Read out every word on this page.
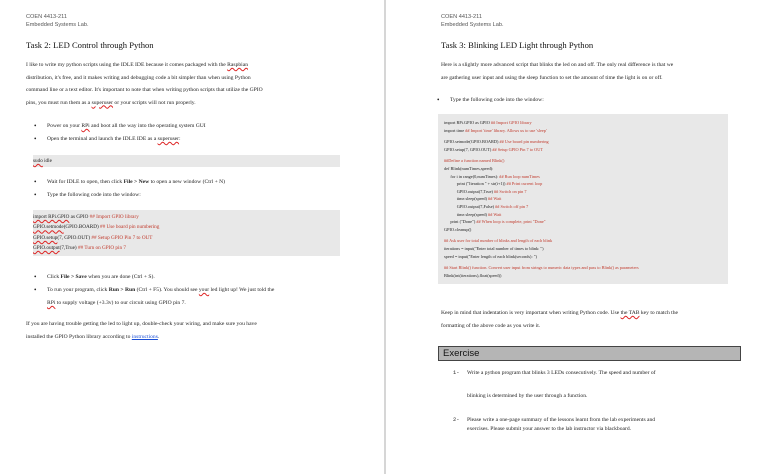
COEN 4413-211
Embedded Systems Lab.
Task 2: LED Control through Python
I like to write my python scripts using the IDLE IDE because it comes packaged with the Raspbian
distribution, it's free, and it makes writing and debugging code a bit simpler than when using Python
command line or a text editor. It's important to note that when writing python scripts that utilize the GPIO
pins, you must run them as a superuser or your scripts will not run properly.
• Power on your RPi and boot all the way into the operating system GUI
• Open the terminal and launch the IDLE IDE as a superuser:
sudo idle
• Wait for IDLE to open, then click File > New to open a new window (Ctrl + N)
• Type the following code into the window:
import RPi.GPIO as GPIO ## Import GPIO library
GPIO.setmode(GPIO.BOARD) ## Use board pin numbering
GPIO.setup(7, GPIO.OUT) ## Setup GPIO Pin 7 to OUT
GPIO.output(7,True) ## Turn on GPIO pin 7
• Click File > Save when you are done (Ctrl + S).
• To run your program, click Run > Run (Ctrl + F5). You should see your led light up! We just told the
RPi to supply voltage (+3.3v) to our circuit using GPIO pin 7.
If you are having trouble getting the led to light up, double-check your wiring, and make sure you have
installed the GPIO Python library according to instructions.
COEN 4413-211
Embedded Systems Lab.
Task 3: Blinking LED Light through Python
Here is a slightly more advanced script that blinks the led on and off. The only real difference is that we
are gathering user input and using the sleep function to set the amount of time the light is on or off.
• Type the following code into the window:
import RPi.GPIO as GPIO ## Import GPIO library
import time ## Import 'time' library. Allows us to use 'sleep'
GPIO.setmode(GPIO.BOARD) ## Use board pin numbering
GPIO.setup(7, GPIO.OUT) ## Setup GPIO Pin 7 to OUT
##Define a function named Blink()
def Blink(numTimes,speed):
for i in range(0,numTimes): ## Run loop numTimes
print ("Iteration " + str(i+1)) ## Print current loop
GPIO.output(7,True) ## Switch on pin 7
time.sleep(speed) ## Wait
GPIO.output(7,False) ## Switch off pin 7
time.sleep(speed) ## Wait
print ("Done") ## When loop is complete, print "Done"
GPIO.cleanup()
## Ask user for total number of blinks and length of each blink
iterations = input("Enter total number of times to blink: ")
speed = input("Enter length of each blink(seconds): ")
## Start Blink() function. Convert user input from strings to numeric data types and pass to Blink() as parameters
Blink(int(iterations),float(speed))
Keep in mind that indentation is very important when writing Python code. Use the TAB key to match the
formatting of the above code as you write it.
Exercise
1- Write a python program that blinks 3 LEDs consecutively. The speed and number of
blinking is determined by the user through a function.
2- Please write a one-page summary of the lessons learnt from the lab experiments and
exercises. Please submit your answer to the lab instructor via blackboard.
